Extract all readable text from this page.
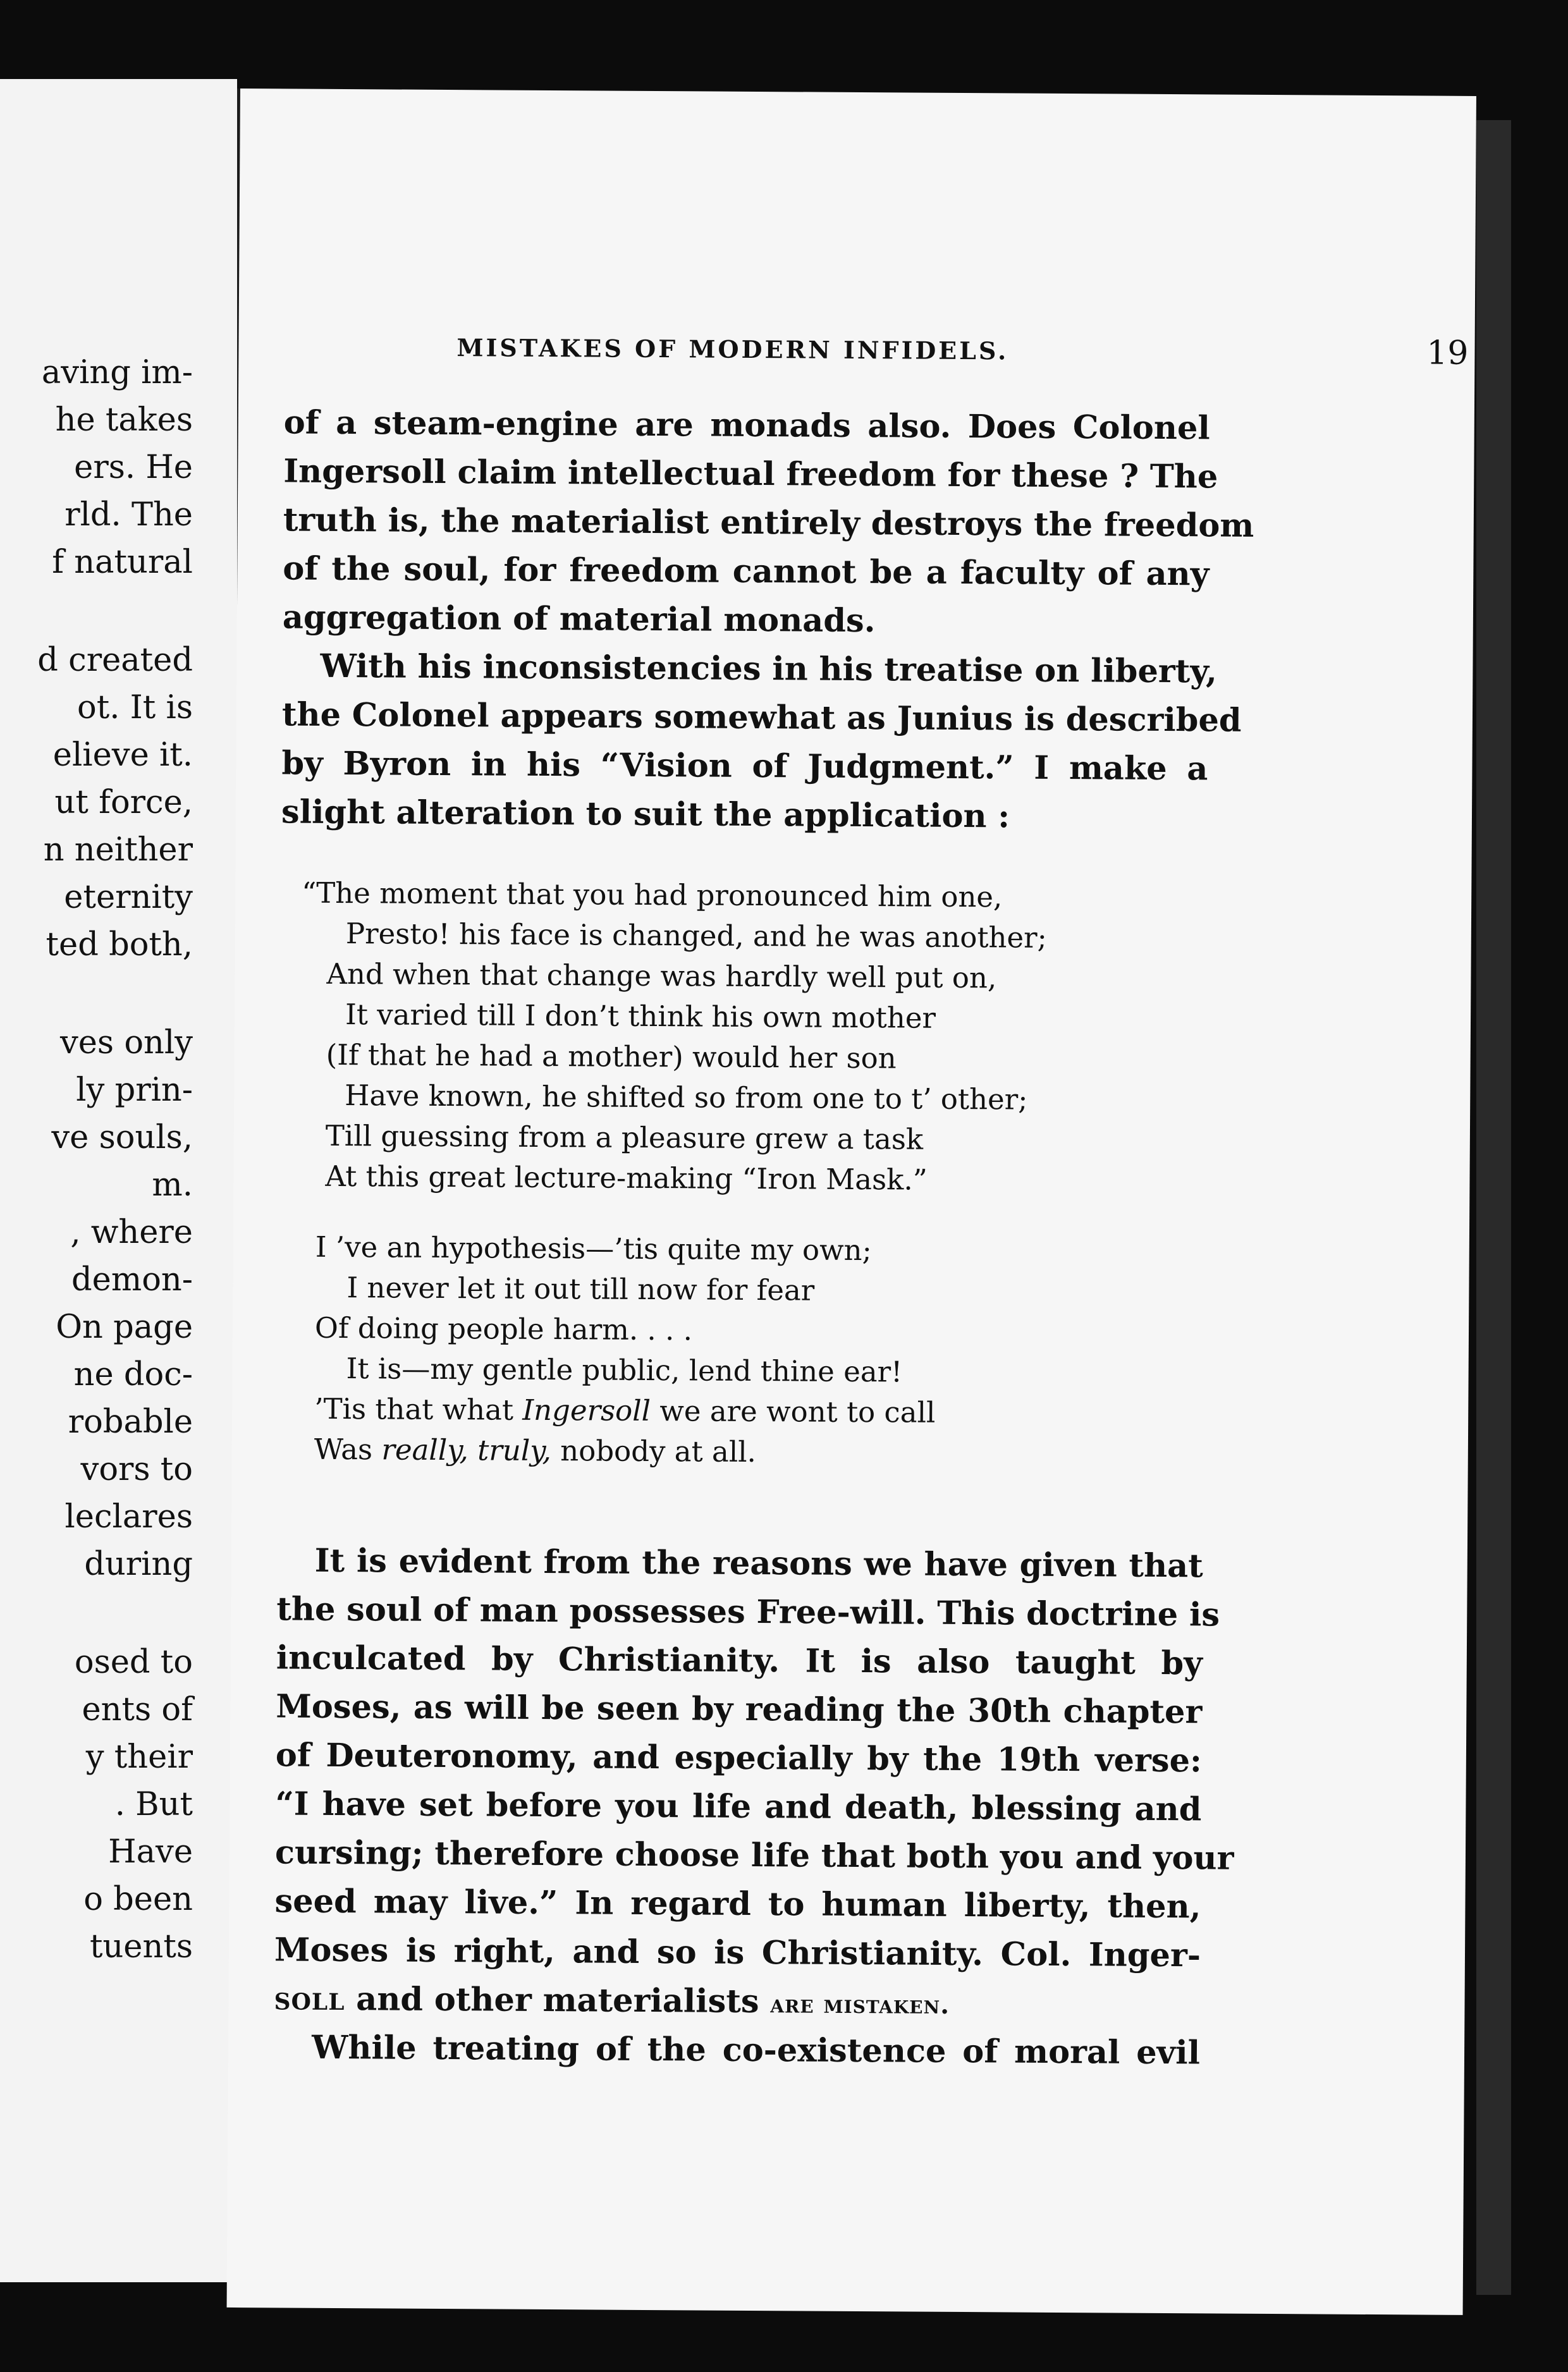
aving im-
he takes
ers. He
rld. The
f natural
d created
ot. It is
elieve it.
ut force,
n neither
eternity
ted both,
ves only
ly prin-
ve souls,
m.
, where
demon-
On page
ne doc-
robable
vors to
leclares
during
osed to
ents of
y their
. But
Have
o been
tuents
MISTAKES OF MODERN INFIDELS.	19
of a steam-engine are monads also. Does Colonel
Ingersoll claim intellectual freedom for these ? The
truth is, the materialist entirely destroys the freedom
of the soul, for freedom cannot be a faculty of any
aggregation of material monads.
With his inconsistencies in his treatise on liberty,
the Colonel appears somewhat as Junius is described
by Byron in his “Vision of Judgment.” I make a
slight alteration to suit the application :
“The moment that you had pronounced him one,
Presto! his face is changed, and he was another;
And when that change was hardly well put on,
It varied till I don’t think his own mother
(If that he had a mother) would her son
Have known, he shifted so from one to t’ other;
Till guessing from a pleasure grew a task
At this great lecture-making “Iron Mask.”
I ’ve an hypothesis—’tis quite my own;
I never let it out till now for fear
Of doing people harm. . . .
It is—my gentle public, lend thine ear!
’Tis that what Ingersoll we are wont to call
Was really, truly, nobody at all.
It is evident from the reasons we have given that
the soul of man possesses Free-will. This doctrine is
inculcated by Christianity. It is also taught by
Moses, as will be seen by reading the 30th chapter
of Deuteronomy, and especially by the 19th verse:
“I have set before you life and death, blessing and
cursing; therefore choose life that both you and your
seed may live.” In regard to human liberty, then,
Moses is right, and so is Christianity. Col. Inger-
soll and other materialists are mistaken.
While treating of the co-existence of moral evil
